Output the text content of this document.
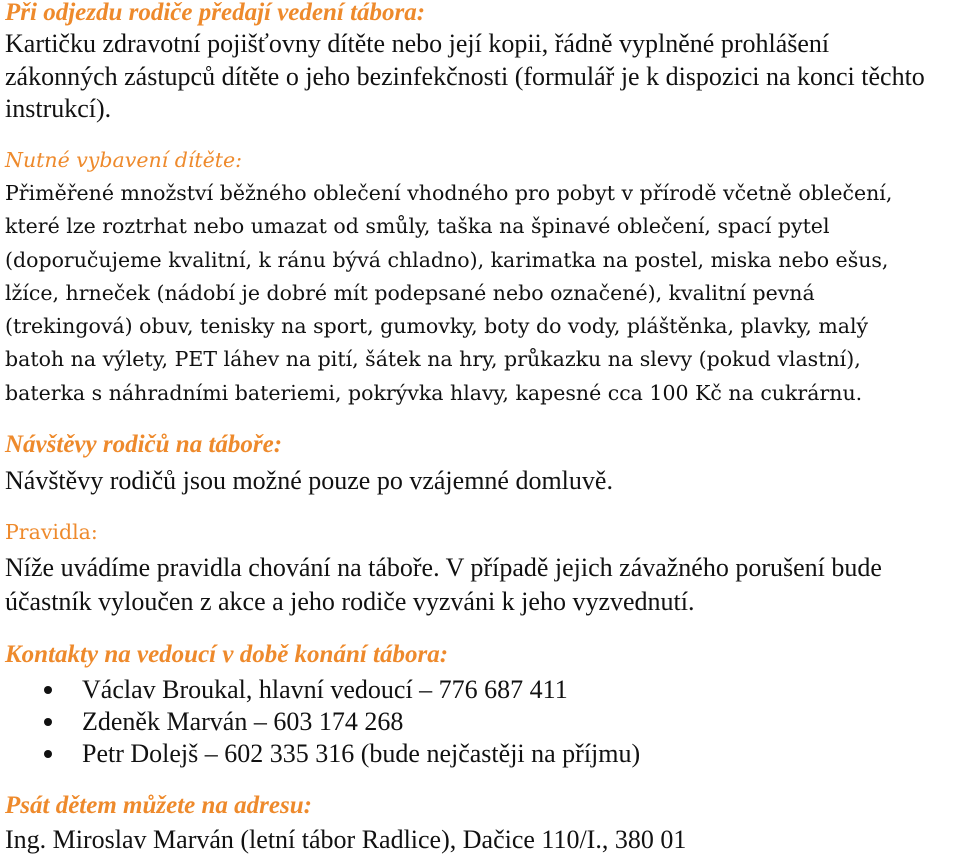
Při odjezdu rodiče předají vedení tábora:
Kartičku zdravotní pojišťovny dítěte nebo její kopii, řádně vyplněné prohlášení
zákonných zástupců dítěte o jeho bezinfekčnosti (formulář je k dispozici na konci těchto
instrukcí).
Nutné vybavení dítěte:
Přiměřené množství běžného oblečení vhodného pro pobyt v přírodě včetně oblečení,
které lze roztrhat nebo umazat od smůly, taška na špinavé oblečení, spací pytel
(doporučujeme kvalitní, k ránu bývá chladno), karimatka na postel, miska nebo ešus,
lžíce, hrneček (nádobí je dobré mít podepsané nebo označené), kvalitní pevná
(trekingová) obuv, tenisky na sport, gumovky, boty do vody, pláštěnka, plavky, malý
batoh na výlety, PET láhev na pití, šátek na hry, průkazku na slevy (pokud vlastní),
baterka s náhradními bateriemi, pokrývka hlavy, kapesné cca 100 Kč na cukrárnu.
Návštěvy rodičů na táboře:
Návštěvy rodičů jsou možné pouze po vzájemné domluvě.
Pravidla:
Níže uvádíme pravidla chování na táboře. V případě jejich závažného porušení bude
účastník vyloučen z akce a jeho rodiče vyzváni k jeho vyzvednutí.
Kontakty na vedoucí v době konání tábora:
Václav Broukal, hlavní vedoucí – 776 687 411
Zdeněk Marván – 603 174 268
Petr Dolejš – 602 335 316 (bude nejčastěji na příjmu)
Psát dětem můžete na adresu:
Ing. Miroslav Marván (letní tábor Radlice), Dačice 110/I., 380 01
